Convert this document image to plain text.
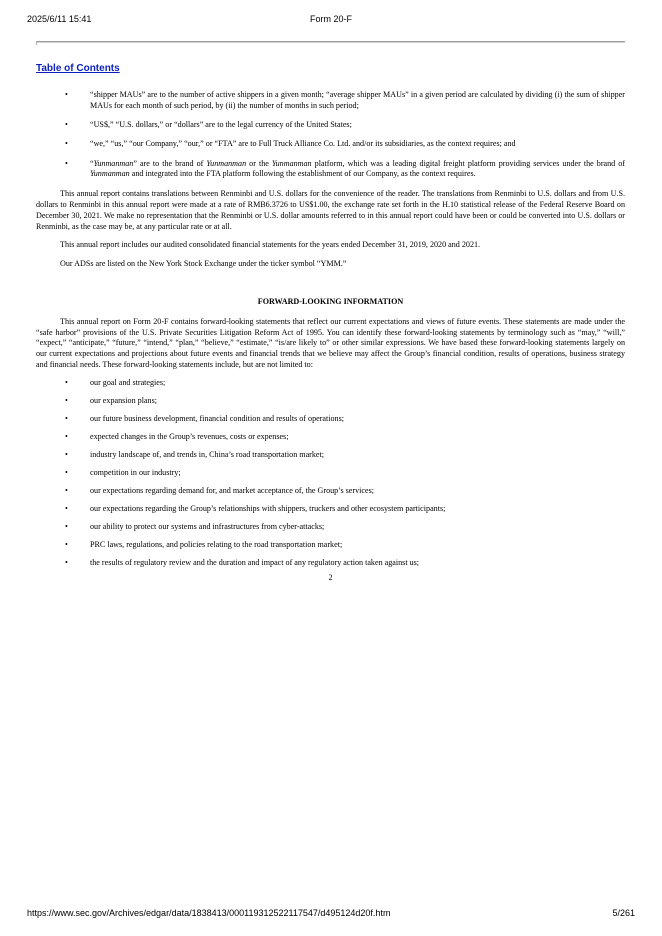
2025/6/11 15:41	Form 20-F
Table of Contents
•	“shipper MAUs” are to the number of active shippers in a given month; “average shipper MAUs” in a given period are calculated by dividing (i) the sum of shipper MAUs for each month of such period, by (ii) the number of months in such period;
•	“US$,” “U.S. dollars,” or “dollars” are to the legal currency of the United States;
•	“we,” “us,” “our Company,” “our,” or “FTA” are to Full Truck Alliance Co. Ltd. and/or its subsidiaries, as the context requires; and
•	“Yunmanman” are to the brand of Yunmanman or the Yunmanman platform, which was a leading digital freight platform providing services under the brand of Yunmanman and integrated into the FTA platform following the establishment of our Company, as the context requires.

This annual report contains translations between Renminbi and U.S. dollars for the convenience of the reader. The translations from Renminbi to U.S. dollars and from U.S. dollars to Renminbi in this annual report were made at a rate of RMB6.3726 to US$1.00, the exchange rate set forth in the H.10 statistical release of the Federal Reserve Board on December 30, 2021. We make no representation that the Renminbi or U.S. dollar amounts referred to in this annual report could have been or could be converted into U.S. dollars or Renminbi, as the case may be, at any particular rate or at all.

This annual report includes our audited consolidated financial statements for the years ended December 31, 2019, 2020 and 2021.

Our ADSs are listed on the New York Stock Exchange under the ticker symbol “YMM.”

FORWARD-LOOKING INFORMATION

This annual report on Form 20-F contains forward-looking statements that reflect our current expectations and views of future events. These statements are made under the “safe harbor” provisions of the U.S. Private Securities Litigation Reform Act of 1995. You can identify these forward-looking statements by terminology such as “may,” “will,” “expect,” “anticipate,” “future,” “intend,” “plan,” “believe,” “estimate,” “is/are likely to” or other similar expressions. We have based these forward-looking statements largely on our current expectations and projections about future events and financial trends that we believe may affect the Group’s financial condition, results of operations, business strategy and financial needs. These forward-looking statements include, but are not limited to:

•	our goal and strategies;
•	our expansion plans;
•	our future business development, financial condition and results of operations;
•	expected changes in the Group’s revenues, costs or expenses;
•	industry landscape of, and trends in, China’s road transportation market;
•	competition in our industry;
•	our expectations regarding demand for, and market acceptance of, the Group’s services;
•	our expectations regarding the Group’s relationships with shippers, truckers and other ecosystem participants;
•	our ability to protect our systems and infrastructures from cyber-attacks;
•	PRC laws, regulations, and policies relating to the road transportation market;
•	the results of regulatory review and the duration and impact of any regulatory action taken against us;

2

https://www.sec.gov/Archives/edgar/data/1838413/000119312522117547/d495124d20f.htm	5/261
